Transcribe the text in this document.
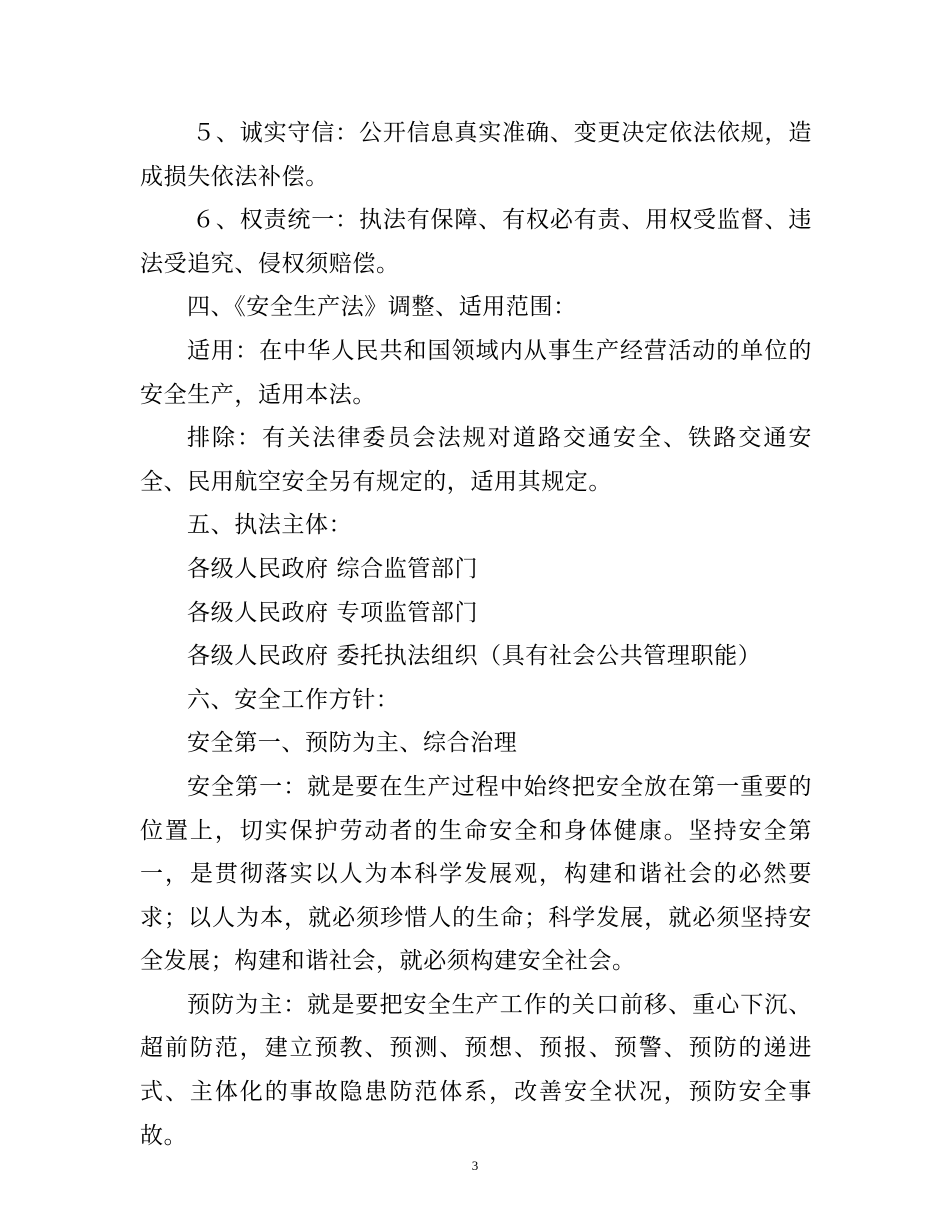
５、诚实守信：公开信息真实准确、变更决定依法依规，造成损失依法补偿。

６、权责统一：执法有保障、有权必有责、用权受监督、违法受追究、侵权须赔偿。

四、《安全生产法》调整、适用范围：

适用：在中华人民共和国领域内从事生产经营活动的单位的安全生产，适用本法。

排除：有关法律委员会法规对道路交通安全、铁路交通安全、民用航空安全另有规定的，适用其规定。

五、执法主体：

各级人民政府 综合监管部门

各级人民政府 专项监管部门

各级人民政府 委托执法组织（具有社会公共管理职能）

六、安全工作方针：

安全第一、预防为主、综合治理

安全第一：就是要在生产过程中始终把安全放在第一重要的位置上，切实保护劳动者的生命安全和身体健康。坚持安全第一，是贯彻落实以人为本科学发展观，构建和谐社会的必然要求；以人为本，就必须珍惜人的生命；科学发展，就必须坚持安全发展；构建和谐社会，就必须构建安全社会。

预防为主：就是要把安全生产工作的关口前移、重心下沉、超前防范，建立预教、预测、预想、预报、预警、预防的递进式、主体化的事故隐患防范体系，改善安全状况，预防安全事故。

3
